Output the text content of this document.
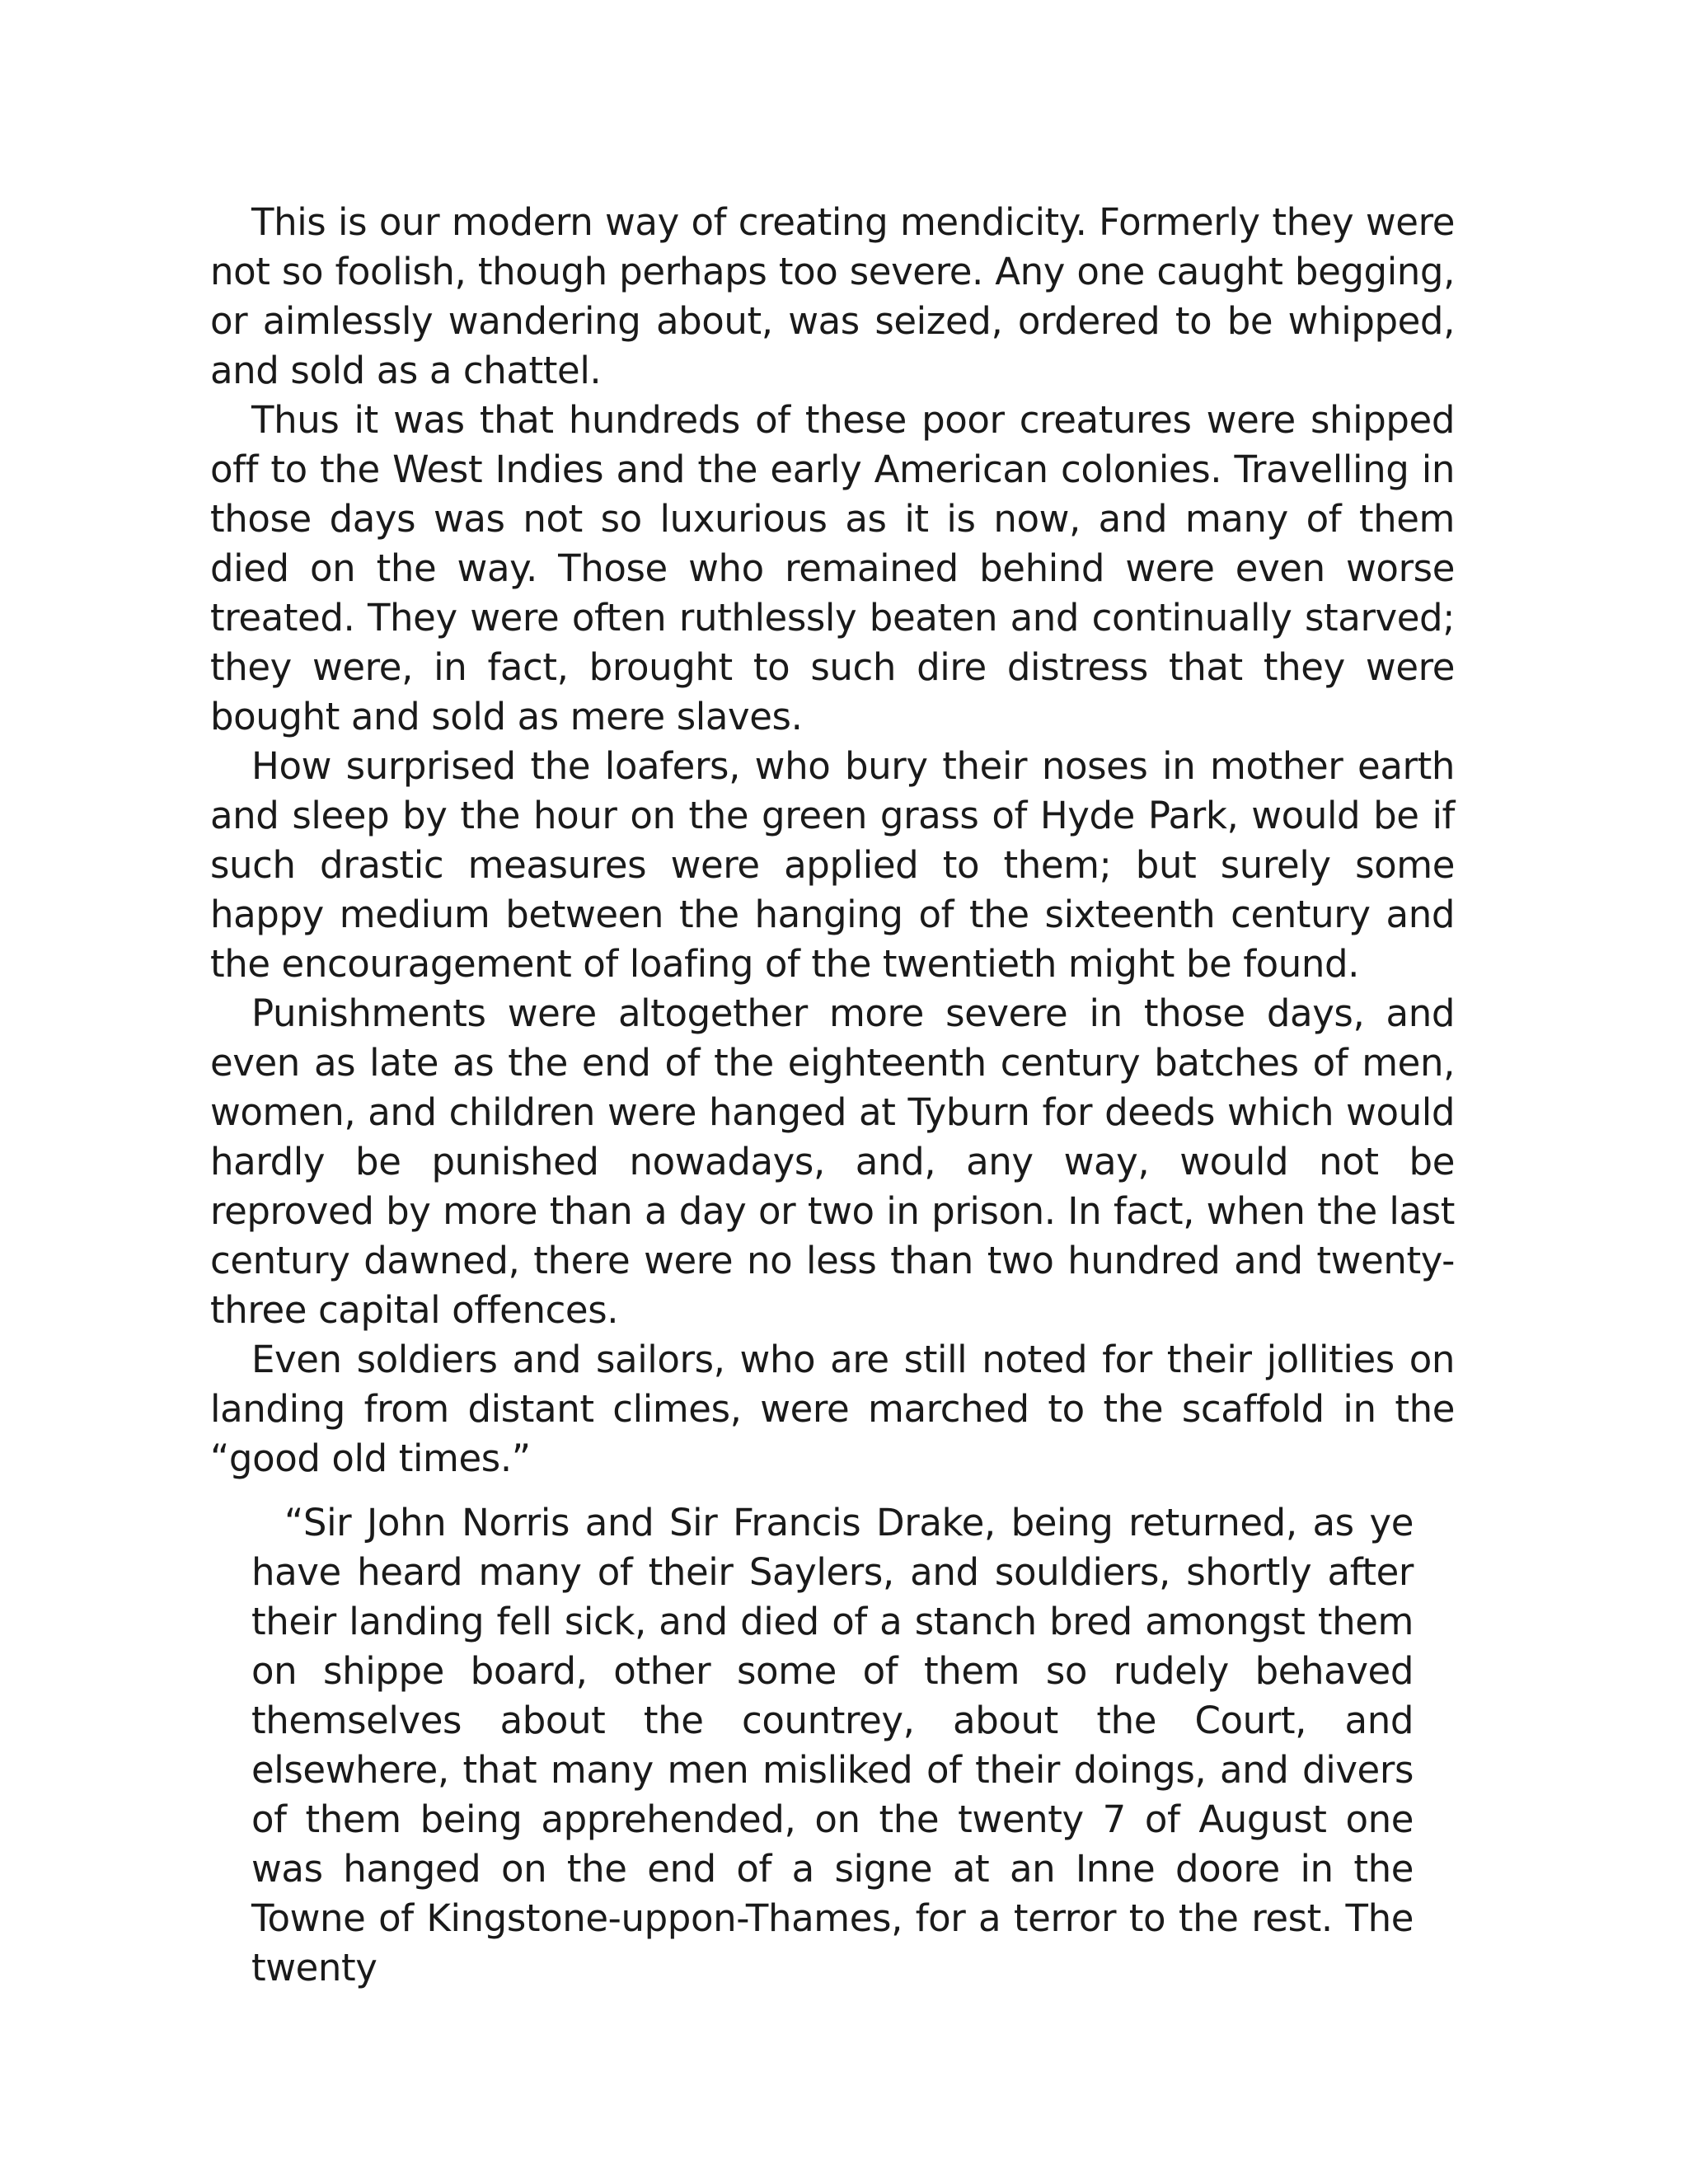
This is our modern way of creating mendicity. Formerly they were not so foolish, though perhaps too severe. Any one caught begging, or aimlessly wandering about, was seized, ordered to be whipped, and sold as a chattel.

Thus it was that hundreds of these poor creatures were shipped off to the West Indies and the early American colonies. Travelling in those days was not so luxurious as it is now, and many of them died on the way. Those who remained behind were even worse treated. They were often ruthlessly beaten and continually starved; they were, in fact, brought to such dire distress that they were bought and sold as mere slaves.

How surprised the loafers, who bury their noses in mother earth and sleep by the hour on the green grass of Hyde Park, would be if such drastic measures were applied to them; but surely some happy medium between the hanging of the sixteenth century and the encouragement of loafing of the twentieth might be found.

Punishments were altogether more severe in those days, and even as late as the end of the eighteenth century batches of men, women, and children were hanged at Tyburn for deeds which would hardly be punished nowadays, and, any way, would not be reproved by more than a day or two in prison. In fact, when the last century dawned, there were no less than two hundred and twenty-three capital offences.

Even soldiers and sailors, who are still noted for their jollities on landing from distant climes, were marched to the scaffold in the “good old times.”

“Sir John Norris and Sir Francis Drake, being returned, as ye have heard many of their Saylers, and souldiers, shortly after their landing fell sick, and died of a stanch bred amongst them on shippe board, other some of them so rudely behaved themselves about the countrey, about the Court, and elsewhere, that many men misliked of their doings, and divers of them being apprehended, on the twenty 7 of August one was hanged on the end of a signe at an Inne doore in the Towne of Kingstone-uppon-Thames, for a terror to the rest. The twenty
